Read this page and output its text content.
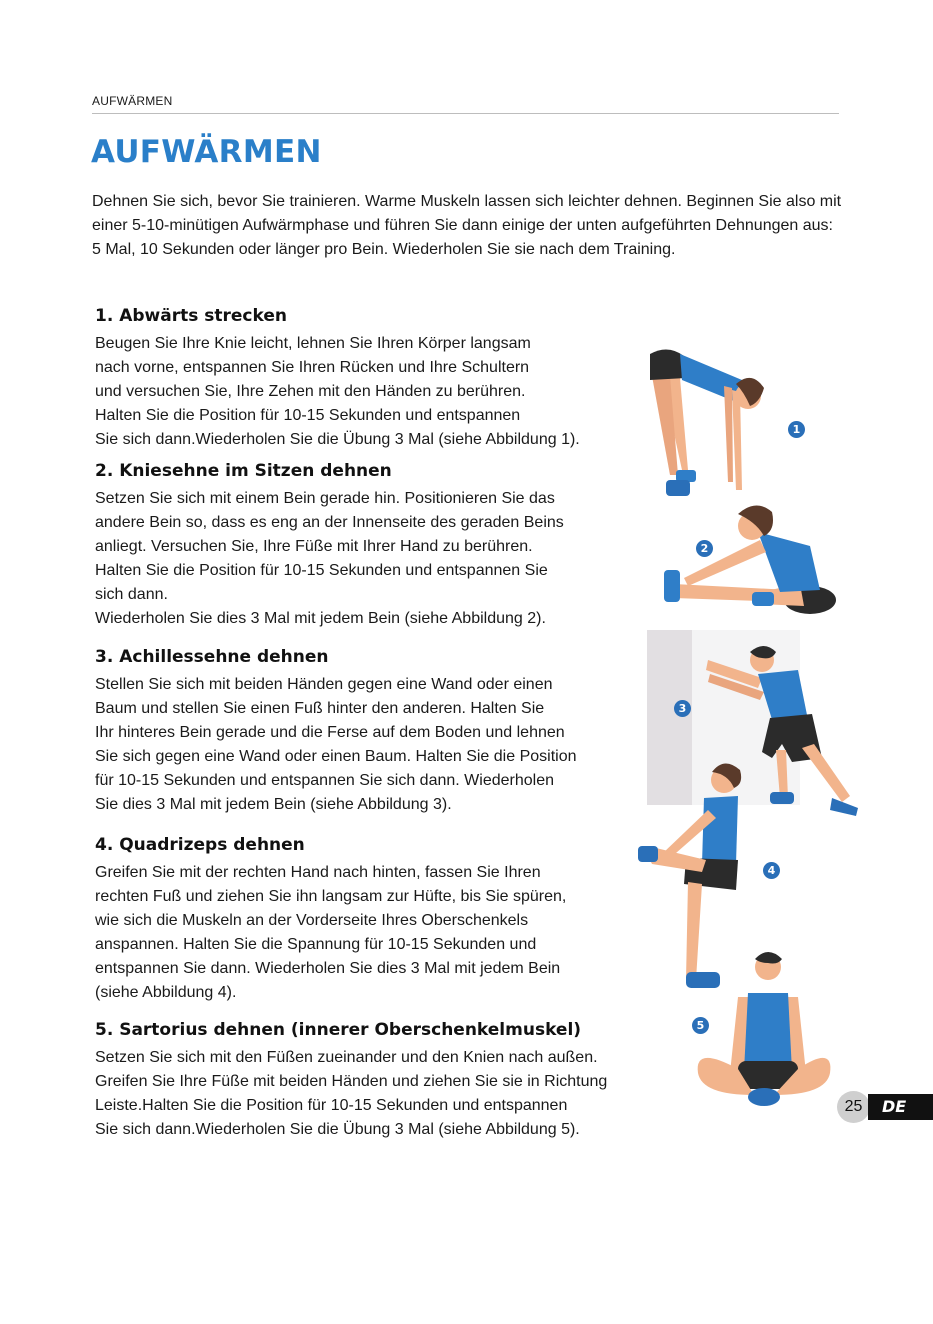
AUFWÄRMEN
AUFWÄRMEN

Dehnen Sie sich, bevor Sie trainieren. Warme Muskeln lassen sich leichter dehnen. Beginnen Sie also mit einer 5-10-minütigen Aufwärmphase und führen Sie dann einige der unten aufgeführten Dehnungen aus: 5 Mal, 10 Sekunden oder länger pro Bein. Wiederholen Sie sie nach dem Training.

1. Abwärts strecken

Beugen Sie Ihre Knie leicht, lehnen Sie Ihren Körper langsam
nach vorne, entspannen Sie Ihren Rücken und Ihre Schultern
und versuchen Sie, Ihre Zehen mit den Händen zu berühren.
Halten Sie die Position für 10-15 Sekunden und entspannen
Sie sich dann.Wiederholen Sie die Übung 3 Mal (siehe Abbildung 1).

2. Kniesehne im Sitzen dehnen

Setzen Sie sich mit einem Bein gerade hin. Positionieren Sie das
andere Bein so, dass es eng an der Innenseite des geraden Beins
anliegt. Versuchen Sie, Ihre Füße mit Ihrer Hand zu berühren.
Halten Sie die Position für 10-15 Sekunden und entspannen Sie
sich dann.
Wiederholen Sie dies 3 Mal mit jedem Bein (siehe Abbildung 2).

3. Achillessehne dehnen

Stellen Sie sich mit beiden Händen gegen eine Wand oder einen
Baum und stellen Sie einen Fuß hinter den anderen. Halten Sie
Ihr hinteres Bein gerade und die Ferse auf dem Boden und lehnen
Sie sich gegen eine Wand oder einen Baum. Halten Sie die Position
für 10-15 Sekunden und entspannen Sie sich dann. Wiederholen
Sie dies 3 Mal mit jedem Bein (siehe Abbildung 3).

4. Quadrizeps dehnen

Greifen Sie mit der rechten Hand nach hinten, fassen Sie Ihren
rechten Fuß und ziehen Sie ihn langsam zur Hüfte, bis Sie spüren,
wie sich die Muskeln an der Vorderseite Ihres Oberschenkels
anspannen. Halten Sie die Spannung für 10-15 Sekunden und
entspannen Sie dann. Wiederholen Sie dies 3 Mal mit jedem Bein
(siehe Abbildung 4).

5. Sartorius dehnen (innerer Oberschenkelmuskel)

Setzen Sie sich mit den Füßen zueinander und den Knien nach außen.
Greifen Sie Ihre Füße mit beiden Händen und ziehen Sie sie in Richtung
Leiste.Halten Sie die Position für 10-15 Sekunden und entspannen
Sie sich dann.Wiederholen Sie die Übung 3 Mal (siehe Abbildung 5).

1
2
3
4
5
25	DE
